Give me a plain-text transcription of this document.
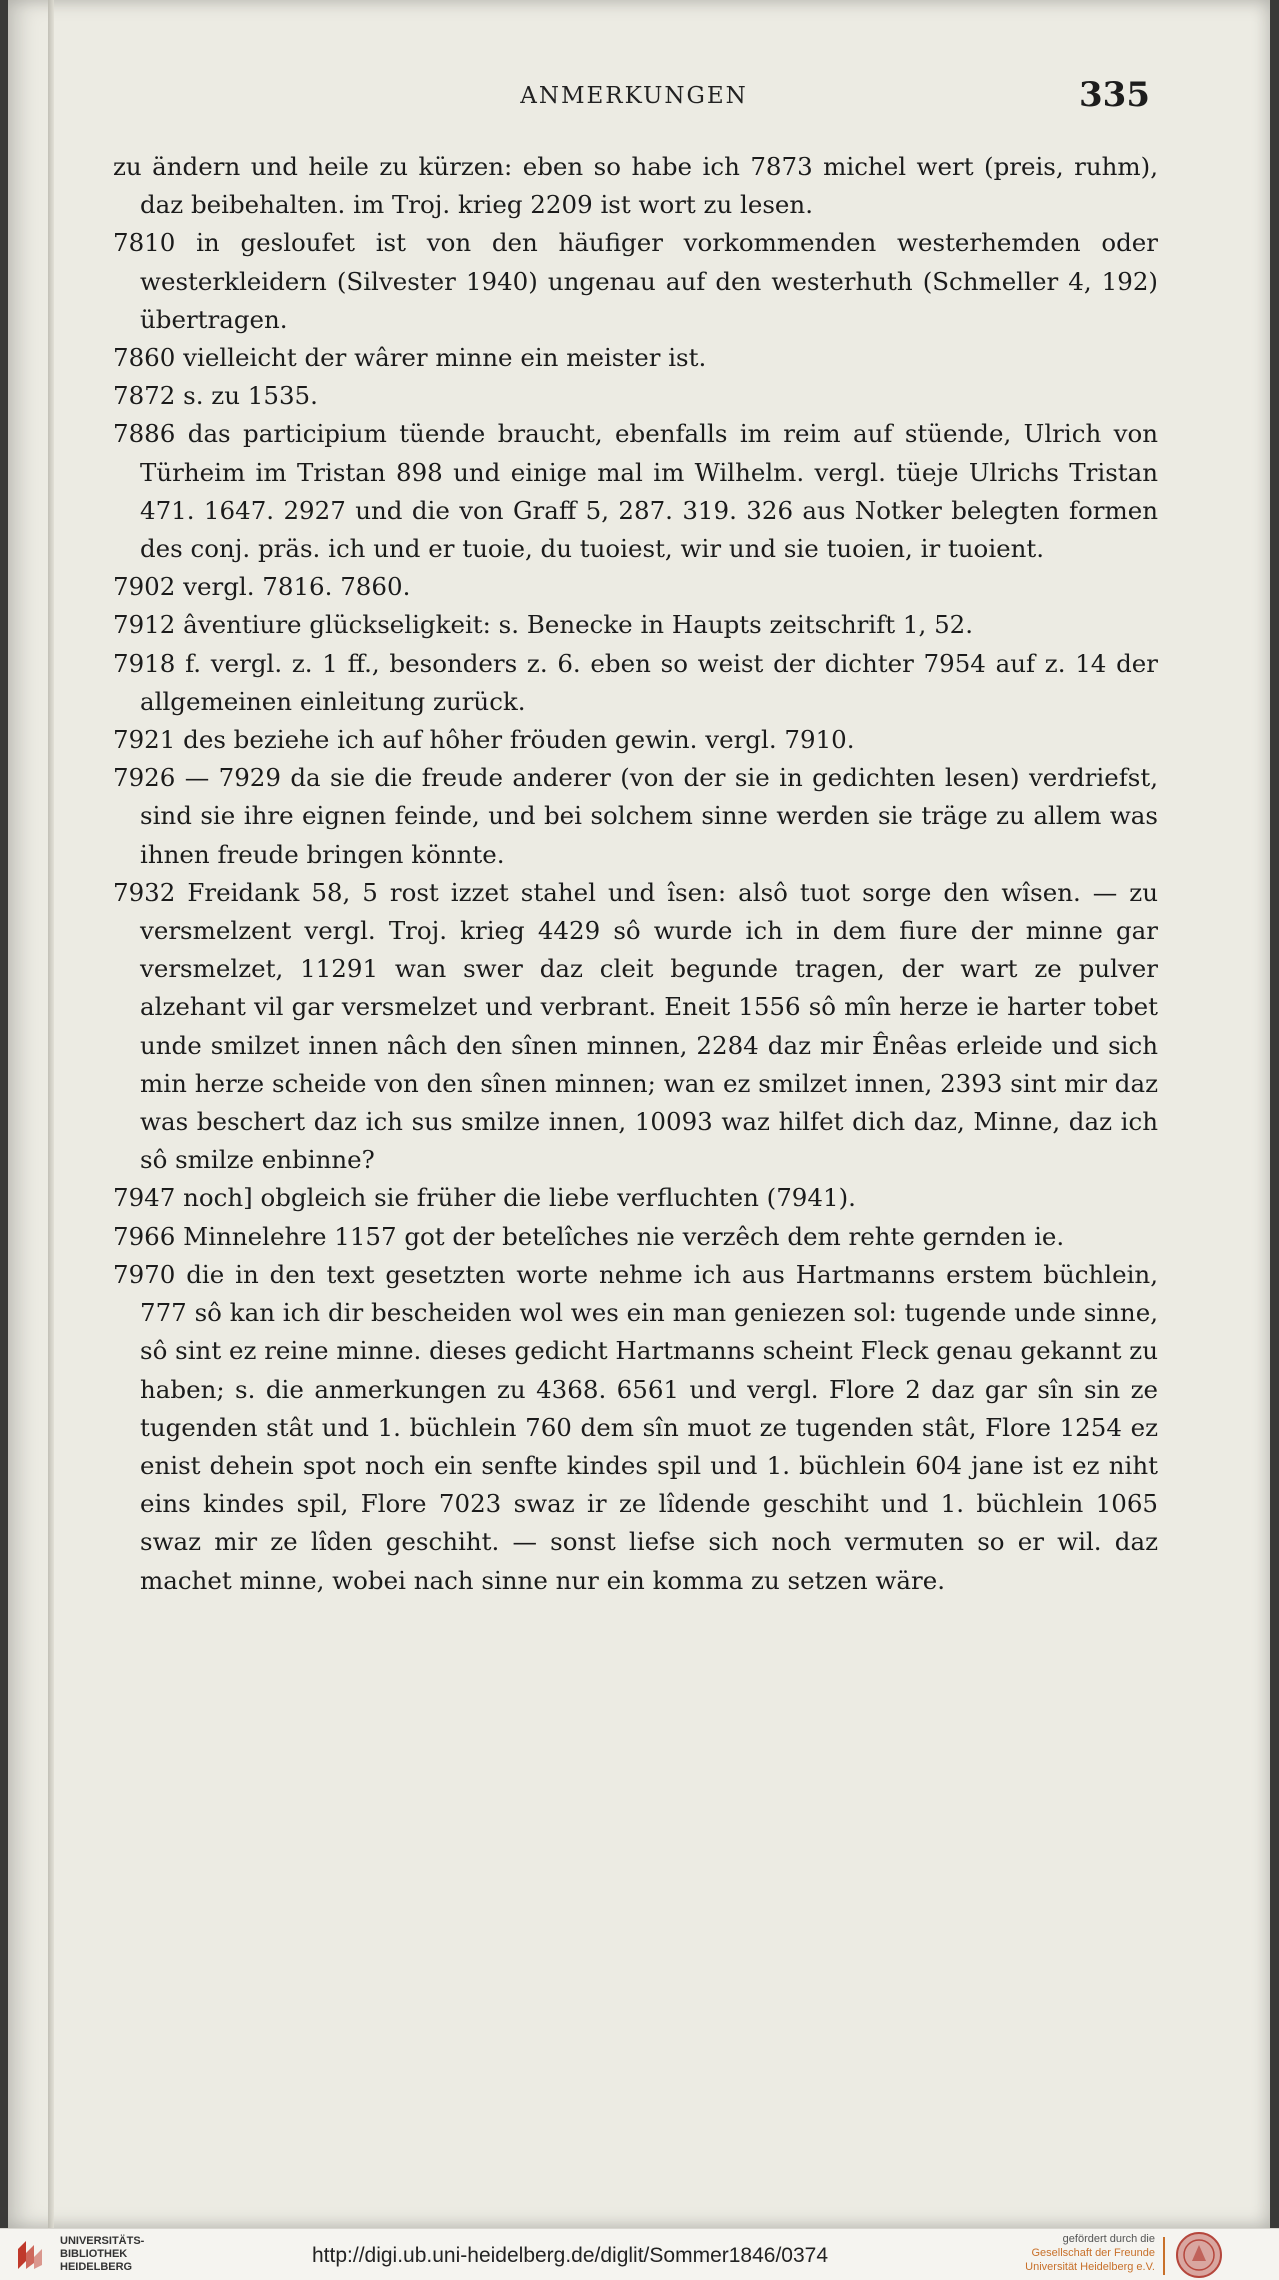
ANMERKUNGEN	335
zu ändern und heile zu kürzen: eben so habe ich 7873 michel wert (preis, ruhm), daz beibehalten. im Troj. krieg 2209 ist wort zu lesen.
7810 in gesloufet ist von den häufiger vorkommenden westerhemden oder westerkleidern (Silvester 1940) ungenau auf den westerhuth (Schmeller 4, 192) übertragen.
7860 vielleicht der wârer minne ein meister ist.
7872 s. zu 1535.
7886 das participium tüende braucht, ebenfalls im reim auf stüende, Ulrich von Türheim im Tristan 898 und einige mal im Wilhelm. vergl. tüeje Ulrichs Tristan 471. 1647. 2927 und die von Graff 5, 287. 319. 326 aus Notker belegten formen des conj. präs. ich und er tuoie, du tuoiest, wir und sie tuoien, ir tuoient.
7902 vergl. 7816. 7860.
7912 âventiure glückseligkeit: s. Benecke in Haupts zeitschrift 1, 52.
7918 f. vergl. z. 1 ff., besonders z. 6. eben so weist der dichter 7954 auf z. 14 der allgemeinen einleitung zurück.
7921 des beziehe ich auf hôher fröuden gewin. vergl. 7910.
7926 — 7929 da sie die freude anderer (von der sie in gedichten lesen) verdriefst, sind sie ihre eignen feinde, und bei solchem sinne werden sie träge zu allem was ihnen freude bringen könnte.
7932 Freidank 58, 5 rost izzet stahel und îsen: alsô tuot sorge den wîsen. — zu versmelzent vergl. Troj. krieg 4429 sô wurde ich in dem fiure der minne gar versmelzet, 11291 wan swer daz cleit begunde tragen, der wart ze pulver alzehant vil gar versmelzet und verbrant. Eneit 1556 sô mîn herze ie harter tobet unde smilzet innen nâch den sînen minnen, 2284 daz mir Ênêas erleide und sich min herze scheide von den sînen minnen; wan ez smilzet innen, 2393 sint mir daz was beschert daz ich sus smilze innen, 10093 waz hilfet dich daz, Minne, daz ich sô smilze enbinne?
7947 noch] obgleich sie früher die liebe verfluchten (7941).
7966 Minnelehre 1157 got der betelîches nie verzêch dem rehte gernden ie.
7970 die in den text gesetzten worte nehme ich aus Hartmanns erstem büchlein, 777 sô kan ich dir bescheiden wol wes ein man geniezen sol: tugende unde sinne, sô sint ez reine minne. dieses gedicht Hartmanns scheint Fleck genau gekannt zu haben; s. die anmerkungen zu 4368. 6561 und vergl. Flore 2 daz gar sîn sin ze tugenden stât und 1. büchlein 760 dem sîn muot ze tugenden stât, Flore 1254 ez enist dehein spot noch ein senfte kindes spil und 1. büchlein 604 jane ist ez niht eins kindes spil, Flore 7023 swaz ir ze lîdende geschiht und 1. büchlein 1065 swaz mir ze lîden geschiht. — sonst liefse sich noch vermuten so er wil. daz machet minne, wobei nach sinne nur ein komma zu setzen wäre.
UNIVERSITÄTS-
BIBLIOTHEK
HEIDELBERG	http://digi.ub.uni-heidelberg.de/diglit/Sommer1846/0374
gefördert durch die
Gesellschaft der Freunde
Universität Heidelberg e.V.
